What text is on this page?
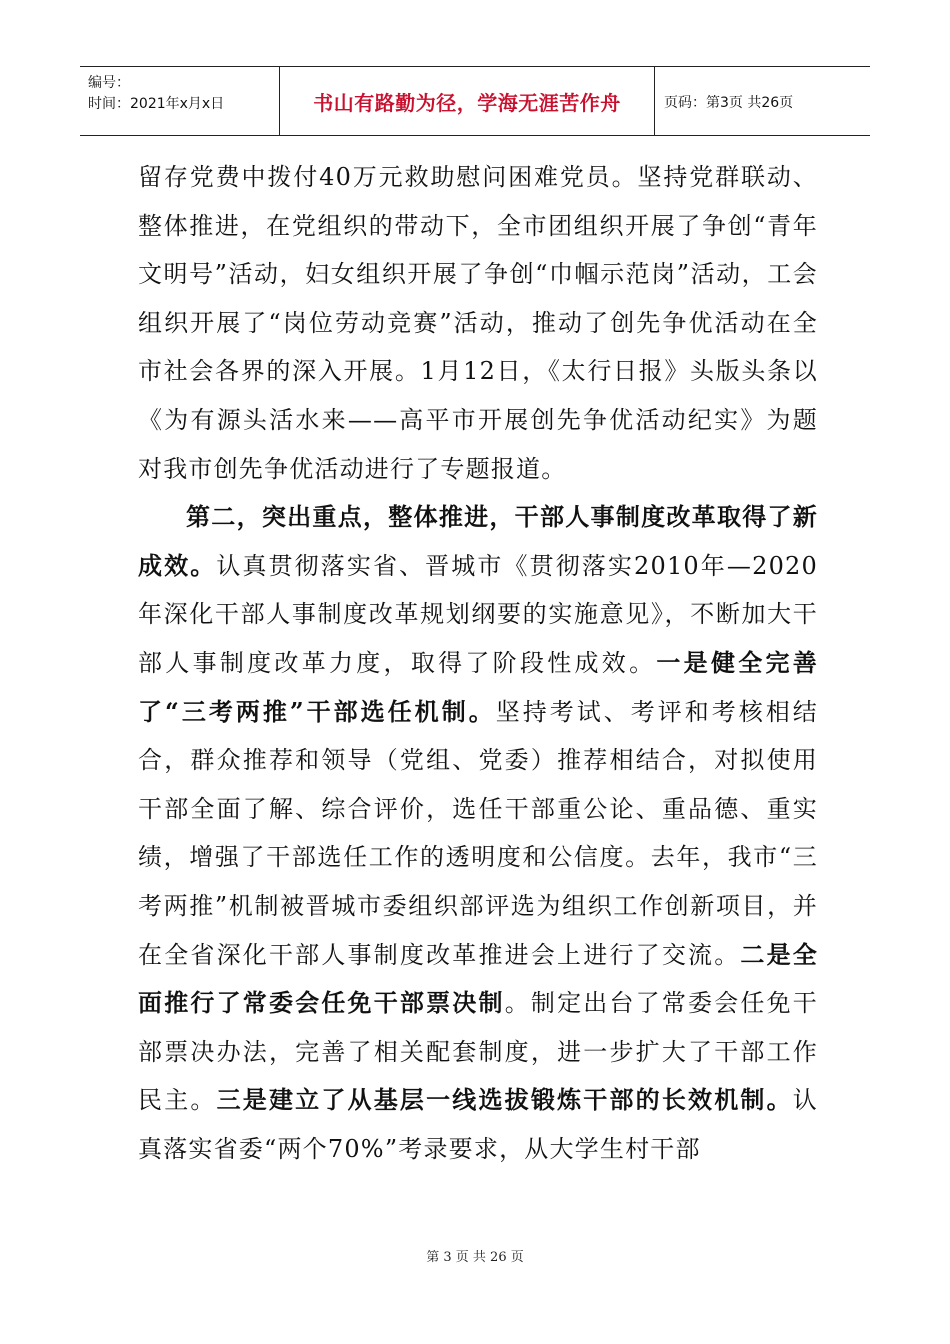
编号：
时间：2021年x月x日	书山有路勤为径，学海无涯苦作舟	页码：第3页 共26页

留存党费中拨付40万元救助慰问困难党员。坚持党群联动、整体推进，在党组织的带动下，全市团组织开展了争创“青年文明号”活动，妇女组织开展了争创“巾帼示范岗”活动，工会组织开展了“岗位劳动竞赛”活动，推动了创先争优活动在全市社会各界的深入开展。1月12日，《太行日报》头版头条以《为有源头活水来——高平市开展创先争优活动纪实》为题对我市创先争优活动进行了专题报道。

第二，突出重点，整体推进，干部人事制度改革取得了新成效。认真贯彻落实省、晋城市《贯彻落实2010年—2020年深化干部人事制度改革规划纲要的实施意见》，不断加大干部人事制度改革力度，取得了阶段性成效。一是健全完善了“三考两推”干部选任机制。坚持考试、考评和考核相结合，群众推荐和领导（党组、党委）推荐相结合，对拟使用干部全面了解、综合评价，选任干部重公论、重品德、重实绩，增强了干部选任工作的透明度和公信度。去年，我市“三考两推”机制被晋城市委组织部评选为组织工作创新项目，并在全省深化干部人事制度改革推进会上进行了交流。二是全面推行了常委会任免干部票决制。制定出台了常委会任免干部票决办法，完善了相关配套制度，进一步扩大了干部工作民主。三是建立了从基层一线选拔锻炼干部的长效机制。认真落实省委“两个70%”考录要求，从大学生村干部

第 3 页 共 26 页
